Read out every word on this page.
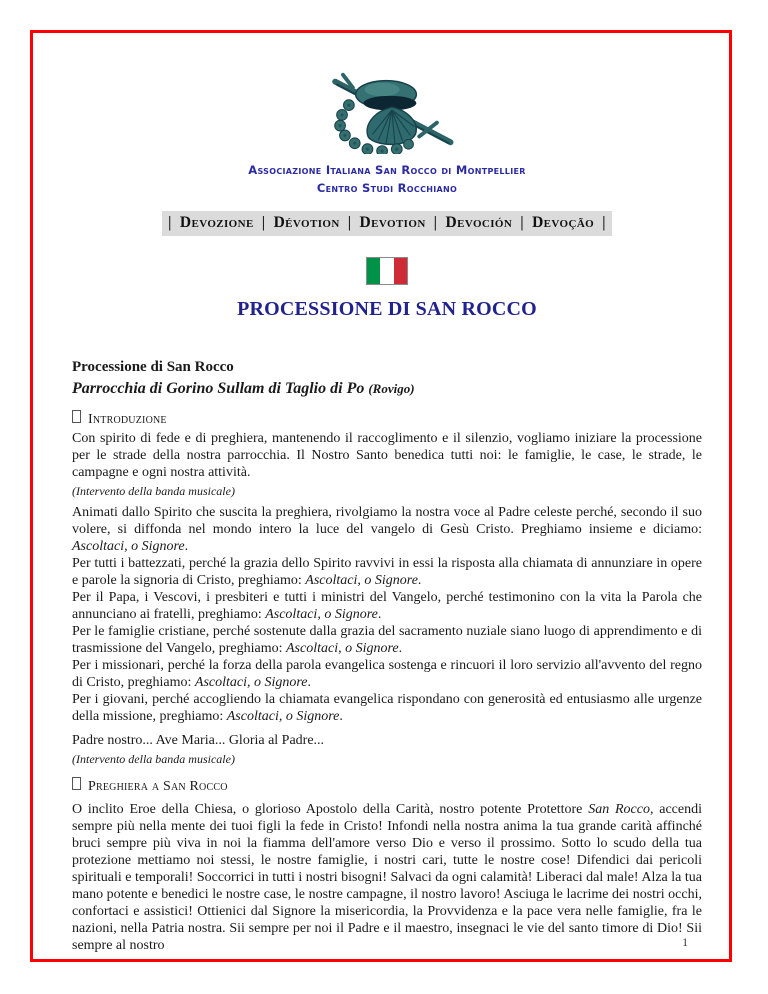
Associazione Italiana San Rocco di Montpellier
Centro Studi Rocchiano
| Devozione | Dévotion | Devotion | Devoción | Devoção |
PROCESSIONE DI SAN ROCCO

Processione di San Rocco

Parrocchia di Gorino Sullam di Taglio di Po (Rovigo)

Introduzione

Con spirito di fede e di preghiera, mantenendo il raccoglimento e il silenzio, vogliamo iniziare la processione per le strade della nostra parrocchia. Il Nostro Santo benedica tutti noi: le famiglie, le case, le strade, le campagne e ogni nostra attività.

(Intervento della banda musicale)

Animati dallo Spirito che suscita la preghiera, rivolgiamo la nostra voce al Padre celeste perché, secondo il suo volere, si diffonda nel mondo intero la luce del vangelo di Gesù Cristo. Preghiamo insieme e diciamo: Ascoltaci, o Signore.

Per tutti i battezzati, perché la grazia dello Spirito ravvivi in essi la risposta alla chiamata di annunziare in opere e parole la signoria di Cristo, preghiamo: Ascoltaci, o Signore.

Per il Papa, i Vescovi, i presbiteri e tutti i ministri del Vangelo, perché testimonino con la vita la Parola che annunciano ai fratelli, preghiamo: Ascoltaci, o Signore.

Per le famiglie cristiane, perché sostenute dalla grazia del sacramento nuziale siano luogo di apprendimento e di trasmissione del Vangelo, preghiamo: Ascoltaci, o Signore.

Per i missionari, perché la forza della parola evangelica sostenga e rincuori il loro servizio all'avvento del regno di Cristo, preghiamo: Ascoltaci, o Signore.

Per i giovani, perché accogliendo la chiamata evangelica rispondano con generosità ed entusiasmo alle urgenze della missione, preghiamo: Ascoltaci, o Signore.

Padre nostro... Ave Maria... Gloria al Padre...

(Intervento della banda musicale)

Preghiera a San Rocco

O inclito Eroe della Chiesa, o glorioso Apostolo della Carità, nostro potente Protettore San Rocco, accendi sempre più nella mente dei tuoi figli la fede in Cristo! Infondi nella nostra anima la tua grande carità affinché bruci sempre più viva in noi la fiamma dell'amore verso Dio e verso il prossimo. Sotto lo scudo della tua protezione mettiamo noi stessi, le nostre famiglie, i nostri cari, tutte le nostre cose! Difendici dai pericoli spirituali e temporali! Soccorrici in tutti i nostri bisogni! Salvaci da ogni calamità! Liberaci dal male! Alza la tua mano potente e benedici le nostre case, le nostre campagne, il nostro lavoro! Asciuga le lacrime dei nostri occhi, confortaci e assistici! Ottienici dal Signore la misericordia, la Provvidenza e la pace vera nelle famiglie, fra le nazioni, nella Patria nostra. Sii sempre per noi il Padre e il maestro, insegnaci le vie del santo timore di Dio! Sii sempre al nostro	1
